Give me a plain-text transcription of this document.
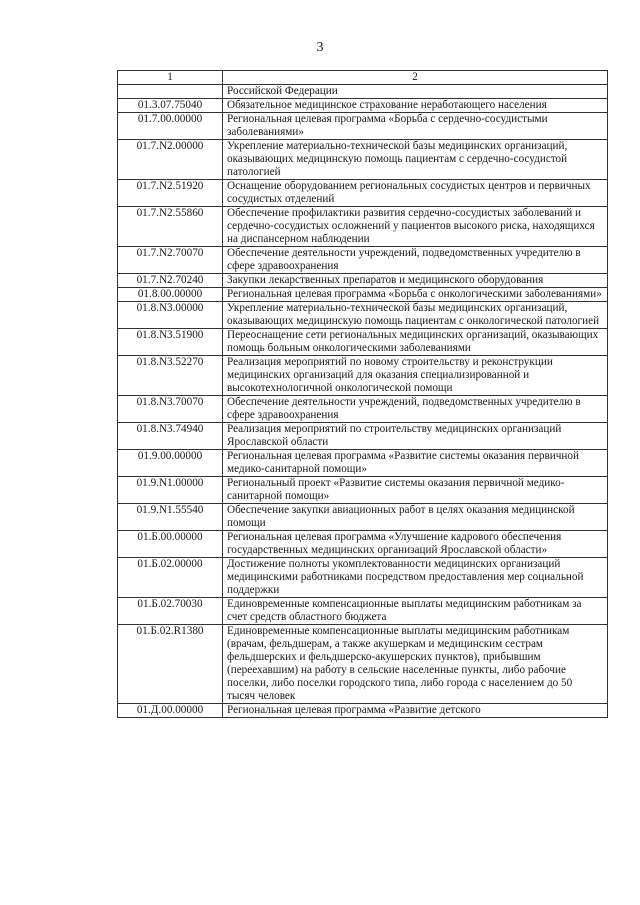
3
1	2
	Российской Федерации
01.3.07.75040	Обязательное медицинское страхование неработающего населения
01.7.00.00000	Региональная целевая программа «Борьба с сердечно-сосудистыми заболеваниями»
01.7.N2.00000	Укрепление материально-технической базы медицинских организаций, оказывающих медицинскую помощь пациентам с сердечно-сосудистой патологией
01.7.N2.51920	Оснащение оборудованием региональных сосудистых центров и первичных сосудистых отделений
01.7.N2.55860	Обеспечение профилактики развития сердечно-сосудистых заболеваний и сердечно-сосудистых осложнений у пациентов высокого риска, находящихся на диспансерном наблюдении
01.7.N2.70070	Обеспечение деятельности учреждений, подведомственных учредителю в сфере здравоохранения
01.7.N2.70240	Закупки лекарственных препаратов и медицинского оборудования
01.8.00.00000	Региональная целевая программа «Борьба с онкологическими заболеваниями»
01.8.N3.00000	Укрепление материально-технической базы медицинских организаций, оказывающих медицинскую помощь пациентам с онкологической патологией
01.8.N3.51900	Переоснащение сети региональных медицинских организаций, оказывающих помощь больным онкологическими заболеваниями
01.8.N3.52270	Реализация мероприятий по новому строительству и реконструкции медицинских организаций для оказания специализированной и высокотехнологичной онкологической помощи
01.8.N3.70070	Обеспечение деятельности учреждений, подведомственных учредителю в сфере здравоохранения
01.8.N3.74940	Реализация мероприятий по строительству медицинских организаций Ярославской области
01.9.00.00000	Региональная целевая программа «Развитие системы оказания первичной медико-санитарной помощи»
01.9.N1.00000	Региональный проект «Развитие системы оказания первичной медико-санитарной помощи»
01.9.N1.55540	Обеспечение закупки авиационных работ в целях оказания медицинской помощи
01.Б.00.00000	Региональная целевая программа «Улучшение кадрового обеспечения государственных медицинских организаций Ярославской области»
01.Б.02.00000	Достижение полноты укомплектованности медицинских организаций медицинскими работниками посредством предоставления мер социальной поддержки
01.Б.02.70030	Единовременные компенсационные выплаты медицинским работникам за счет средств областного бюджета
01.Б.02.R1380	Единовременные компенсационные выплаты медицинским работникам (врачам, фельдшерам, а также акушеркам и медицинским сестрам фельдшерских и фельдшерско-акушерских пунктов), прибывшим (переехавшим) на работу в сельские населенные пункты, либо рабочие поселки, либо поселки городского типа, либо города с населением до 50 тысяч человек
01.Д.00.00000	Региональная целевая программа «Развитие детского
